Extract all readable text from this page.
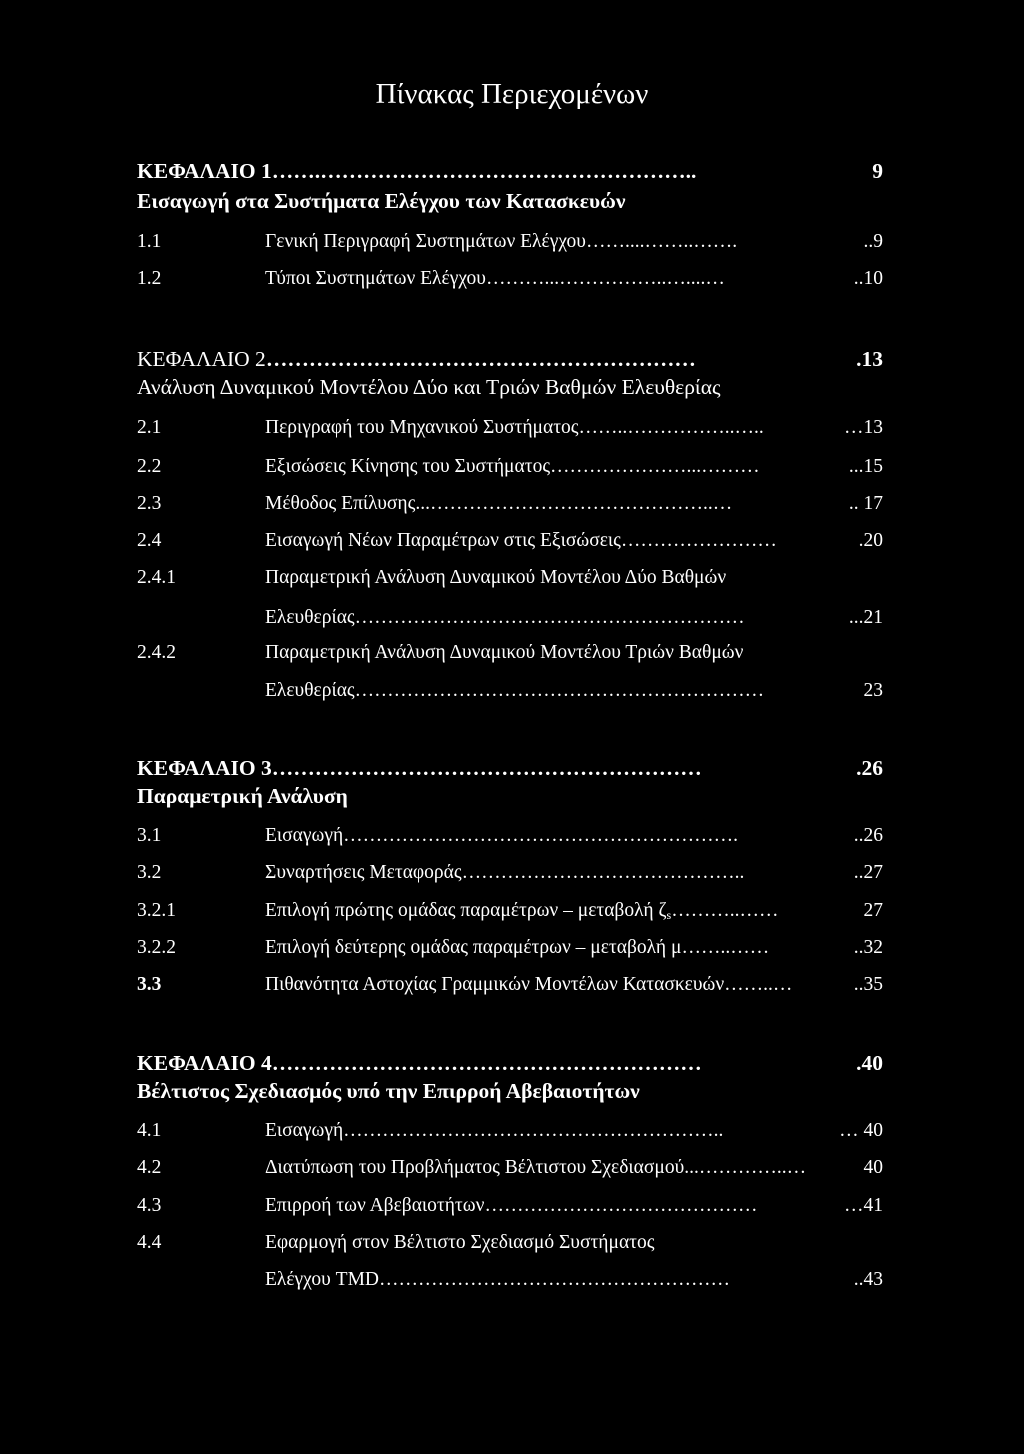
Πίνακας Περιεχομένων
ΚΕΦΑΛΑΙΟ 1…….……………………………………………..	9
Εισαγωγή στα Συστήματα Ελέγχου των Κατασκευών
1.1	Γενική Περιγραφή Συστημάτων Ελέγχου……....……..…….	..9
1.2	Τύποι Συστημάτων Ελέγχου………...……………..…....…	..10
ΚΕΦΑΛΑΙΟ 2……………………………………………………	.13
Ανάλυση Δυναμικού Μοντέλου Δύο και Τριών Βαθμών Ελευθερίας
2.1	Περιγραφή του Μηχανικού Συστήματος……..……………..…..	…13
2.2	Εξισώσεις Κίνησης του Συστήματος…………………...………	...15
2.3	Μέθοδος Επίλυσης...……………………………………..…	.. 17
2.4	Εισαγωγή Νέων Παραμέτρων στις Εξισώσεις……………………	.20
2.4.1	Παραμετρική Ανάλυση Δυναμικού Μοντέλου Δύο Βαθμών
Ελευθερίας……………………………………………………	...21
2.4.2	Παραμετρική Ανάλυση Δυναμικού Μοντέλου Τριών Βαθμών
Ελευθερίας………………………………………………………	23
ΚΕΦΑΛΑΙΟ 3……………………………………………………	.26
Παραμετρική Ανάλυση
3.1	Εισαγωγή…………………………………………………….	..26
3.2	Συναρτήσεις Μεταφοράς……………………………………..	..27
3.2.1	Επιλογή πρώτης ομάδας παραμέτρων – μεταβολή $\zeta_s\dots\dots\dots..\dots\dots$	27
3.2.2	Επιλογή δεύτερης ομάδας παραμέτρων – μεταβολή μ……..……	..32
3.3	Πιθανότητα Αστοχίας Γραμμικών Μοντέλων Κατασκευών……..…	..35
ΚΕΦΑΛΑΙΟ 4……………………………………………………	.40
Βέλτιστος Σχεδιασμός υπό την Επιρροή Αβεβαιοτήτων
4.1	Εισαγωγή…………………………………………………..	… 40
4.2	Διατύπωση του Προβλήματος Βέλτιστου Σχεδιασμού...…………..…	40
4.3	Επιρροή των Αβεβαιοτήτων……………………………………	…41
4.4	Εφαρμογή στον Βέλτιστο Σχεδιασμό Συστήματος
Ελέγχου TMD………………………………………………	..43
